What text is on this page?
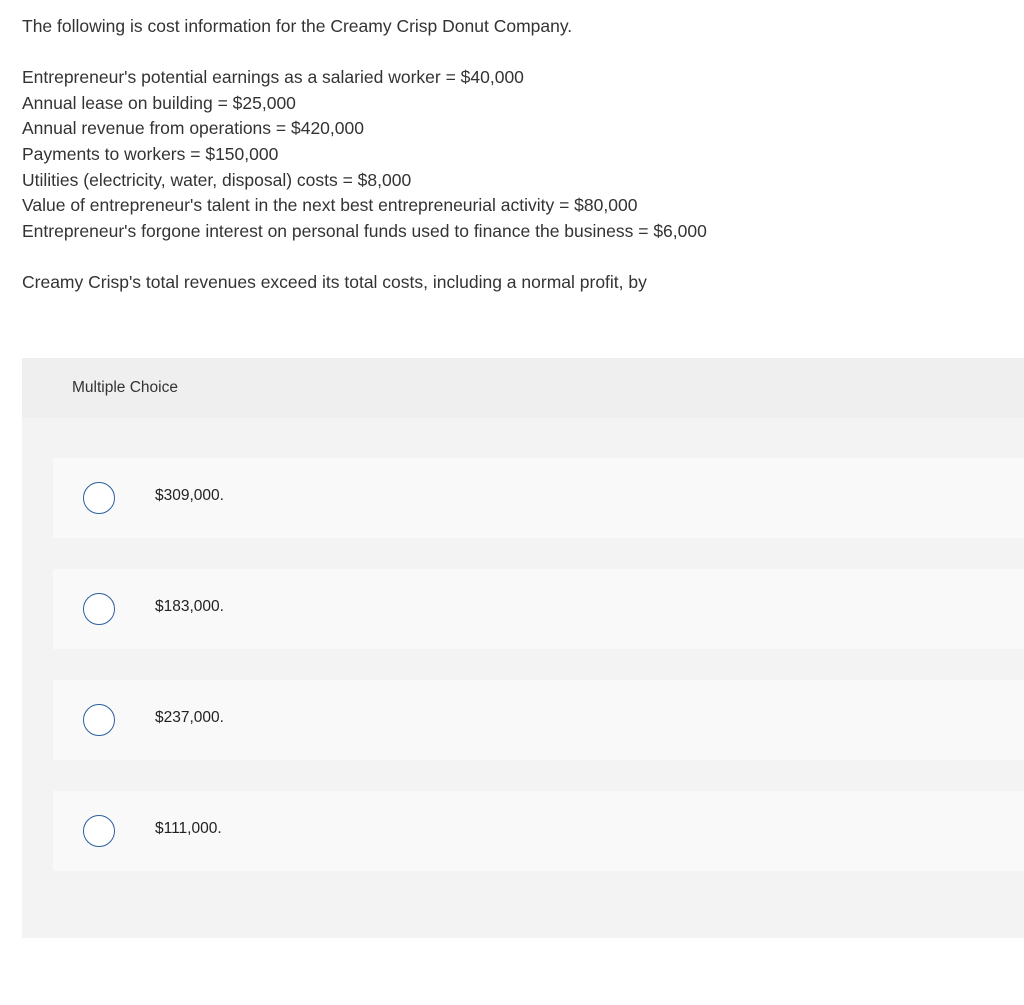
The following is cost information for the Creamy Crisp Donut Company.

Entrepreneur's potential earnings as a salaried worker = $40,000
Annual lease on building = $25,000
Annual revenue from operations = $420,000
Payments to workers = $150,000
Utilities (electricity, water, disposal) costs = $8,000
Value of entrepreneur's talent in the next best entrepreneurial activity = $80,000
Entrepreneur's forgone interest on personal funds used to finance the business = $6,000

Creamy Crisp's total revenues exceed its total costs, including a normal profit, by

Multiple Choice
$309,000.
$183,000.
$237,000.
$111,000.
